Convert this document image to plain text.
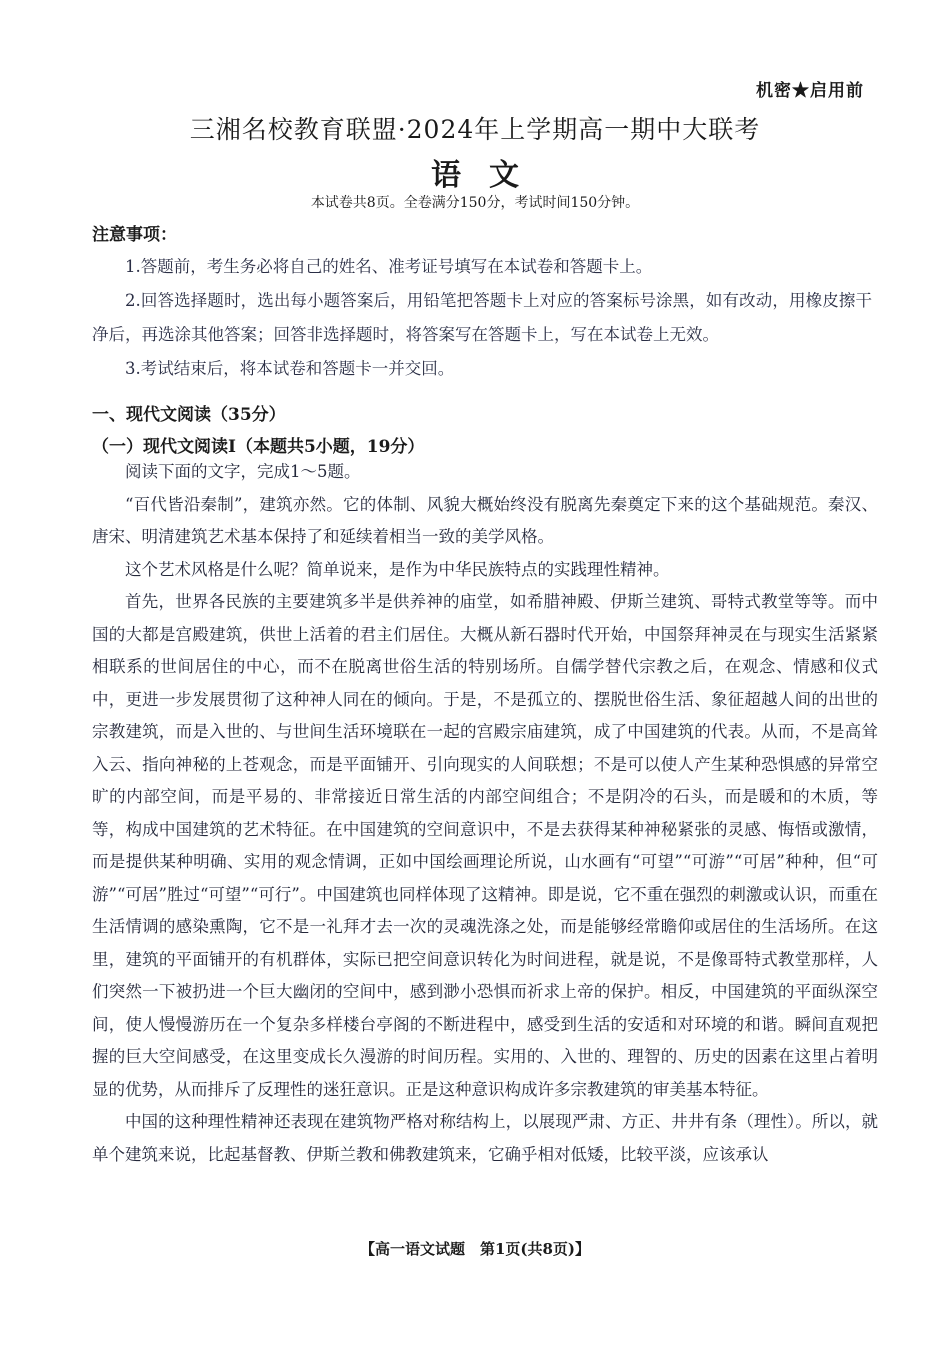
机密★启用前
三湘名校教育联盟·2024年上学期高一期中大联考
语文
本试卷共8页。全卷满分150分，考试时间150分钟。
注意事项：

1.答题前，考生务必将自己的姓名、准考证号填写在本试卷和答题卡上。

2.回答选择题时，选出每小题答案后，用铅笔把答题卡上对应的答案标号涂黑，如有改动，用橡皮擦干净后，再选涂其他答案；回答非选择题时，将答案写在答题卡上，写在本试卷上无效。

3.考试结束后，将本试卷和答题卡一并交回。

一、现代文阅读（35分）
（一）现代文阅读Ⅰ（本题共5小题，19分）

阅读下面的文字，完成1～5题。

“百代皆沿秦制”，建筑亦然。它的体制、风貌大概始终没有脱离先秦奠定下来的这个基础规范。秦汉、唐宋、明清建筑艺术基本保持了和延续着相当一致的美学风格。

这个艺术风格是什么呢？简单说来，是作为中华民族特点的实践理性精神。

首先，世界各民族的主要建筑多半是供养神的庙堂，如希腊神殿、伊斯兰建筑、哥特式教堂等等。而中国的大都是宫殿建筑，供世上活着的君主们居住。大概从新石器时代开始，中国祭拜神灵在与现实生活紧紧相联系的世间居住的中心，而不在脱离世俗生活的特别场所。自儒学替代宗教之后，在观念、情感和仪式中，更进一步发展贯彻了这种神人同在的倾向。于是，不是孤立的、摆脱世俗生活、象征超越人间的出世的宗教建筑，而是入世的、与世间生活环境联在一起的宫殿宗庙建筑，成了中国建筑的代表。从而，不是高耸入云、指向神秘的上苍观念，而是平面铺开、引向现实的人间联想；不是可以使人产生某种恐惧感的异常空旷的内部空间，而是平易的、非常接近日常生活的内部空间组合；不是阴冷的石头，而是暖和的木质，等等，构成中国建筑的艺术特征。在中国建筑的空间意识中，不是去获得某种神秘紧张的灵感、悔悟或激情，而是提供某种明确、实用的观念情调，正如中国绘画理论所说，山水画有“可望”“可游”“可居”种种，但“可游”“可居”胜过“可望”“可行”。中国建筑也同样体现了这精神。即是说，它不重在强烈的刺激或认识，而重在生活情调的感染熏陶，它不是一礼拜才去一次的灵魂洗涤之处，而是能够经常瞻仰或居住的生活场所。在这里，建筑的平面铺开的有机群体，实际已把空间意识转化为时间进程，就是说，不是像哥特式教堂那样，人们突然一下被扔进一个巨大幽闭的空间中，感到渺小恐惧而祈求上帝的保护。相反，中国建筑的平面纵深空间，使人慢慢游历在一个复杂多样楼台亭阁的不断进程中，感受到生活的安适和对环境的和谐。瞬间直观把握的巨大空间感受，在这里变成长久漫游的时间历程。实用的、入世的、理智的、历史的因素在这里占着明显的优势，从而排斥了反理性的迷狂意识。正是这种意识构成许多宗教建筑的审美基本特征。

中国的这种理性精神还表现在建筑物严格对称结构上，以展现严肃、方正、井井有条（理性）。所以，就单个建筑来说，比起基督教、伊斯兰教和佛教建筑来，它确乎相对低矮，比较平淡，应该承认

【高一语文试题　第1页(共8页)】
